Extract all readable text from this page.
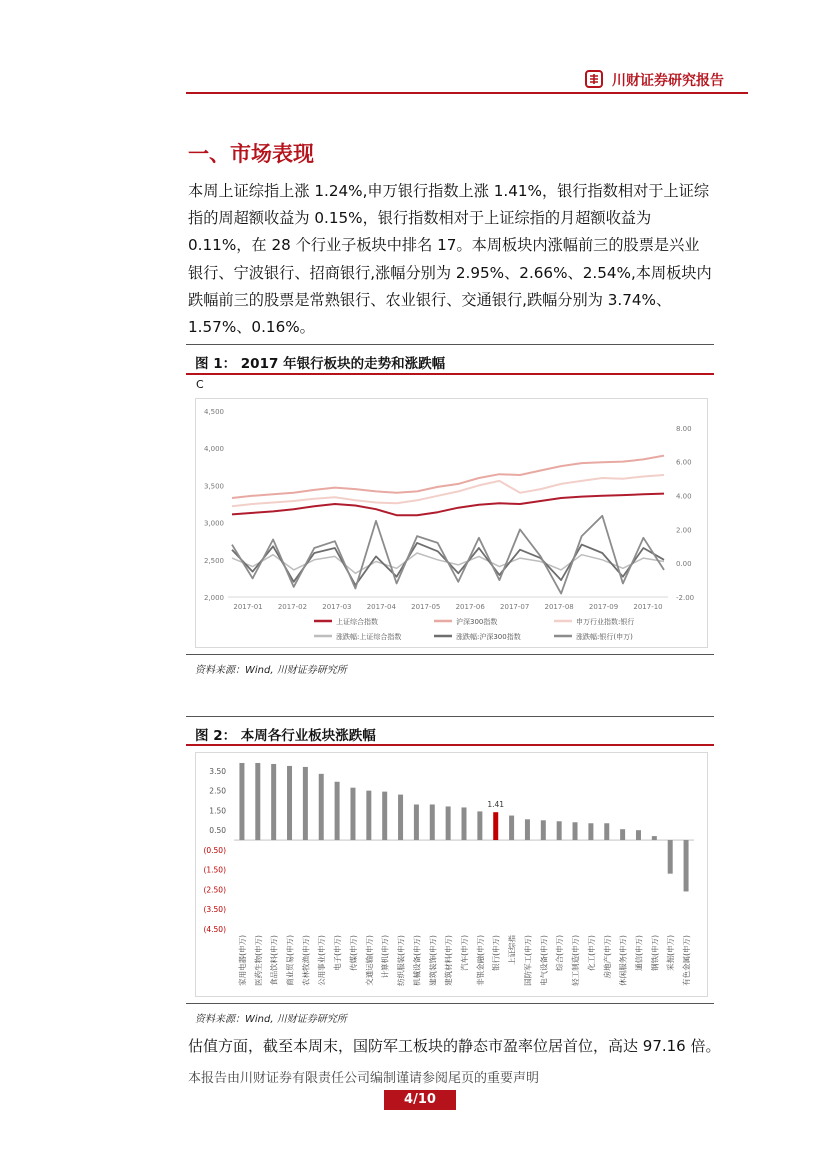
川财证券研究报告
一、市场表现

本周上证综指上涨 1.24%,申万银行指数上涨 1.41%，银行指数相对于上证综

指的周超额收益为 0.15%，银行指数相对于上证综指的月超额收益为

0.11%，在 28 个行业子板块中排名 17。本周板块内涨幅前三的股票是兴业

银行、宁波银行、招商银行,涨幅分别为 2.95%、2.66%、2.54%,本周板块内

跌幅前三的股票是常熟银行、农业银行、交通银行,跌幅分别为 3.74%、

1.57%、0.16%。

图 1： 2017 年银行板块的走势和涨跌幅
C
2,000
2,500
3,000
3,500
4,000
4,500
-2.00
0.00
2.00
4.00
6.00
8.00
2017-01 2017-02 2017-03 2017-04 2017-05 2017-06 2017-07 2017-08 2017-09 2017-10
上证综合指数	沪深300指数	申万行业指数:银行
涨跌幅:上证综合指数	涨跌幅:沪深300指数	涨跌幅:银行(申万)
资料来源：Wind, 川财证券研究所
图 2： 本周各行业板块涨跌幅
3.50
2.50
1.50
0.50
(0.50)
(1.50)
(2.50)
(3.50)
(4.50)
家用电器(申万) 医药生物(申万) 食品饮料(申万) 商业贸易(申万) 农林牧渔(申万) 公用事业(申万) 电子(申万) 传媒(申万) 交通运输(申万) 计算机(申万) 纺织服装(申万) 机械设备(申万) 建筑装饰(申万) 建筑材料(申万) 汽车(申万) 非银金融(申万) 银行(申万) 上证综指 国防军工(申万) 电气设备(申万) 综合(申万) 轻工制造(申万) 化工(申万) 房地产(申万) 休闲服务(申万) 通信(申万) 钢铁(申万) 采掘(申万) 有色金属(申万)
1.41
资料来源：Wind, 川财证券研究所
估值方面，截至本周末，国防军工板块的静态市盈率位居首位，高达 97.16 倍。
本报告由川财证券有限责任公司编制谨请参阅尾页的重要声明
4/10
